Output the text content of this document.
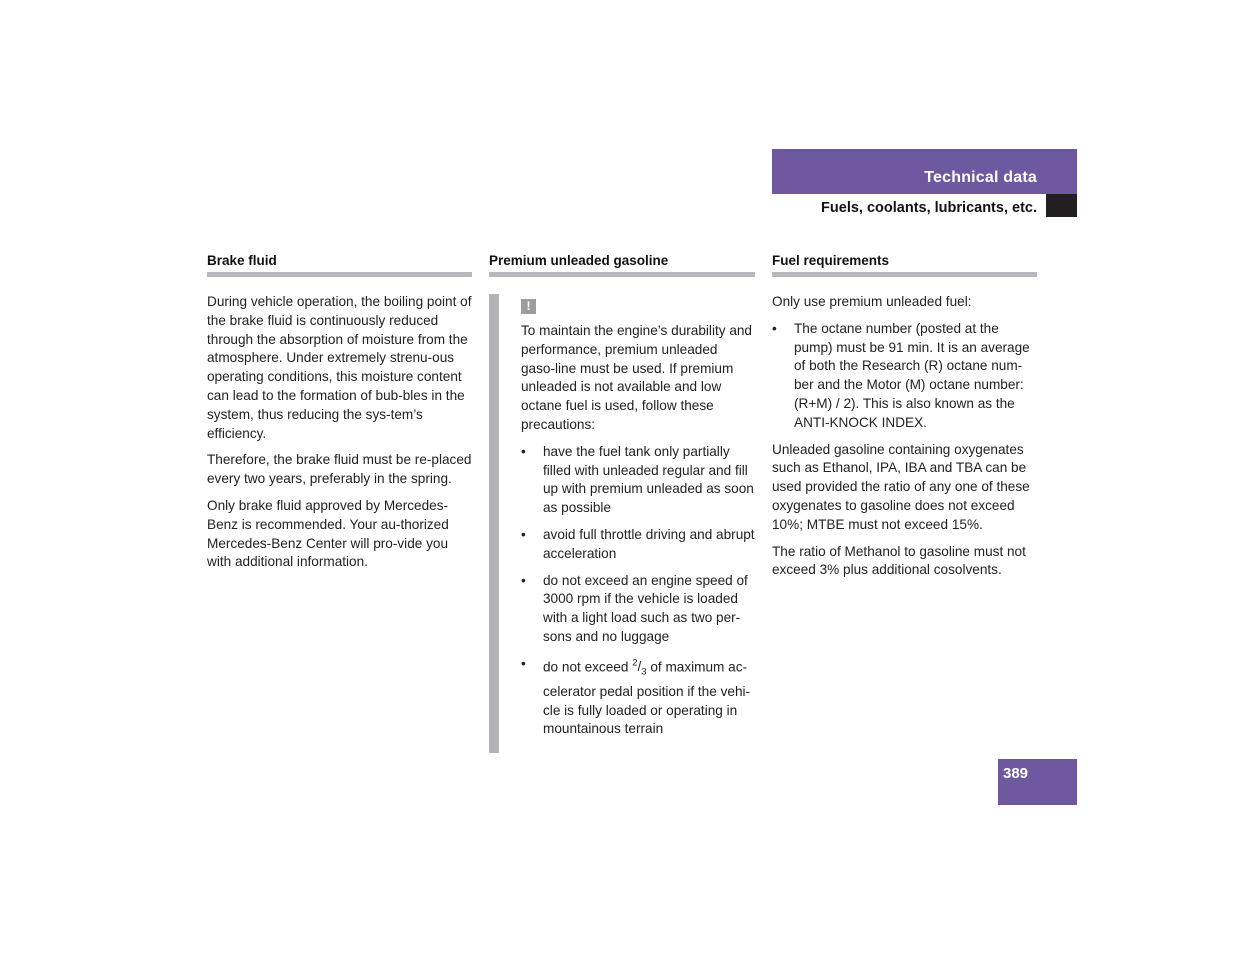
Technical data

Fuels, coolants, lubricants, etc.

Brake fluid

During vehicle operation, the boiling point of the brake fluid is continuously reduced through the absorption of moisture from the atmosphere. Under extremely strenu-ous operating conditions, this moisture content can lead to the formation of bub-bles in the system, thus reducing the sys-tem’s efficiency.

Therefore, the brake fluid must be re-placed every two years, preferably in the spring.

Only brake fluid approved by Mercedes-Benz is recommended. Your au-thorized Mercedes-Benz Center will pro-vide you with additional information.

Premium unleaded gasoline
!

To maintain the engine’s durability and performance, premium unleaded gaso-line must be used. If premium unleaded is not available and low octane fuel is used, follow these precautions:

• have the fuel tank only partially filled with unleaded regular and fill up with premium unleaded as soon as possible
• avoid full throttle driving and abrupt acceleration
• do not exceed an engine speed of 3000 rpm if the vehicle is loaded with a light load such as two per-sons and no luggage
• do not exceed $^2/_3$ of maximum ac-celerator pedal position if the vehi-cle is fully loaded or operating in mountainous terrain
Fuel requirements

Only use premium unleaded fuel:

• The octane number (posted at the pump) must be 91 min. It is an average of both the Research (R) octane num-ber and the Motor (M) octane number: (R+M) / 2). This is also known as the ANTI-KNOCK INDEX.

Unleaded gasoline containing oxygenates such as Ethanol, IPA, IBA and TBA can be used provided the ratio of any one of these oxygenates to gasoline does not exceed 10%; MTBE must not exceed 15%.

The ratio of Methanol to gasoline must not exceed 3% plus additional cosolvents.

389
